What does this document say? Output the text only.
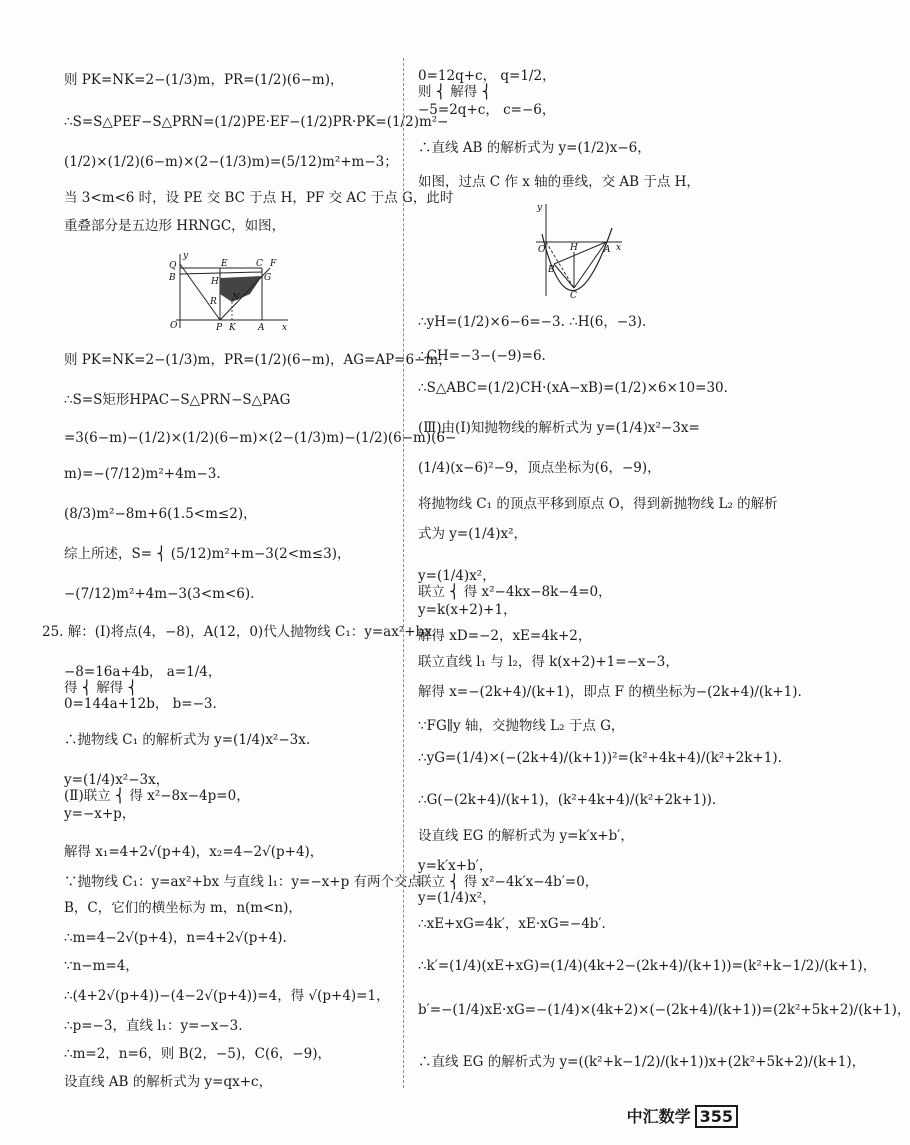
则 PK=NK=2−(1/3)m，PR=(1/2)(6−m)，
∴S=S△PEF−S△PRN=(1/2)PE·EF−(1/2)PR·PK=(1/2)m²−
(1/2)×(1/2)(6−m)×(2−(1/3)m)=(5/12)m²+m−3；
当 3<m<6 时，设 PE 交 BC 于点 H，PF 交 AC 于点 G，此时
重叠部分是五边形 HRNGC，如图，
则 PK=NK=2−(1/3)m，PR=(1/2)(6−m)，AG=AP=6−m，
∴S=S矩形HPAC−S△PRN−S△PAG
=3(6−m)−(1/2)×(1/2)(6−m)×(2−(1/3)m)−(1/2)(6−m)(6−
m)=−(7/12)m²+4m−3.
(8/3)m²−8m+6(1.5<m≤2)，
综上所述，S= ⎨ (5/12)m²+m−3(2<m≤3)，
−(7/12)m²+4m−3(3<m<6).
25. 解：(Ⅰ)将点(4，−8)，A(12，0)代人抛物线 C₁：y=ax²+bx，
−8=16a+4b， a=1/4，
得 ⎨ 解得 ⎨
0=144a+12b， b=−3.
∴抛物线 C₁ 的解析式为 y=(1/4)x²−3x.
y=(1/4)x²−3x，
(Ⅱ)联立 ⎨ 得 x²−8x−4p=0，
y=−x+p，
解得 x₁=4+2√(p+4)，x₂=4−2√(p+4)，
∵抛物线 C₁：y=ax²+bx 与直线 l₁：y=−x+p 有两个交点
B，C，它们的横坐标为 m，n(m<n)，
∴m=4−2√(p+4)，n=4+2√(p+4).
∵n−m=4，
∴(4+2√(p+4))−(4−2√(p+4))=4，得 √(p+4)=1，
∴p=−3，直线 l₁：y=−x−3.
∴m=2，n=6，则 B(2，−5)，C(6，−9)，
设直线 AB 的解析式为 y=qx+c，
0=12q+c， q=1/2，
则 ⎨ 解得 ⎨
−5=2q+c， c=−6，
∴直线 AB 的解析式为 y=(1/2)x−6，
如图，过点 C 作 x 轴的垂线，交 AB 于点 H，
∴yH=(1/2)×6−6=−3. ∴H(6，−3).
∴CH=−3−(−9)=6.
∴S△ABC=(1/2)CH·(xA−xB)=(1/2)×6×10=30.
(Ⅲ)由(Ⅰ)知抛物线的解析式为 y=(1/4)x²−3x=
(1/4)(x−6)²−9，顶点坐标为(6，−9)，
将抛物线 C₁ 的顶点平移到原点 O，得到新抛物线 L₂ 的解析
式为 y=(1/4)x²，
y=(1/4)x²，
联立 ⎨ 得 x²−4kx−8k−4=0，
y=k(x+2)+1，
解得 xD=−2，xE=4k+2，
联立直线 l₁ 与 l₂，得 k(x+2)+1=−x−3，
解得 x=−(2k+4)/(k+1)，即点 F 的横坐标为−(2k+4)/(k+1).
∵FG∥y 轴，交抛物线 L₂ 于点 G，
∴yG=(1/4)×(−(2k+4)/(k+1))²=(k²+4k+4)/(k²+2k+1).
∴G(−(2k+4)/(k+1)，(k²+4k+4)/(k²+2k+1)).
设直线 EG 的解析式为 y=k′x+b′，
y=k′x+b′，
联立 ⎨ 得 x²−4k′x−4b′=0，
y=(1/4)x²，
∴xE+xG=4k′，xE·xG=−4b′.
∴k′=(1/4)(xE+xG)=(1/4)(4k+2−(2k+4)/(k+1))=(k²+k−1/2)/(k+1)，
b′=−(1/4)xE·xG=−(1/4)×(4k+2)×(−(2k+4)/(k+1))=(2k²+5k+2)/(k+1)，
∴直线 EG 的解析式为 y=((k²+k−1/2)/(k+1))x+(2k²+5k+2)/(k+1)，
y
Q
B
E
H
C F
G
R N
O	P K A x
y
O	H	A x
B
C
中汇数学 355
